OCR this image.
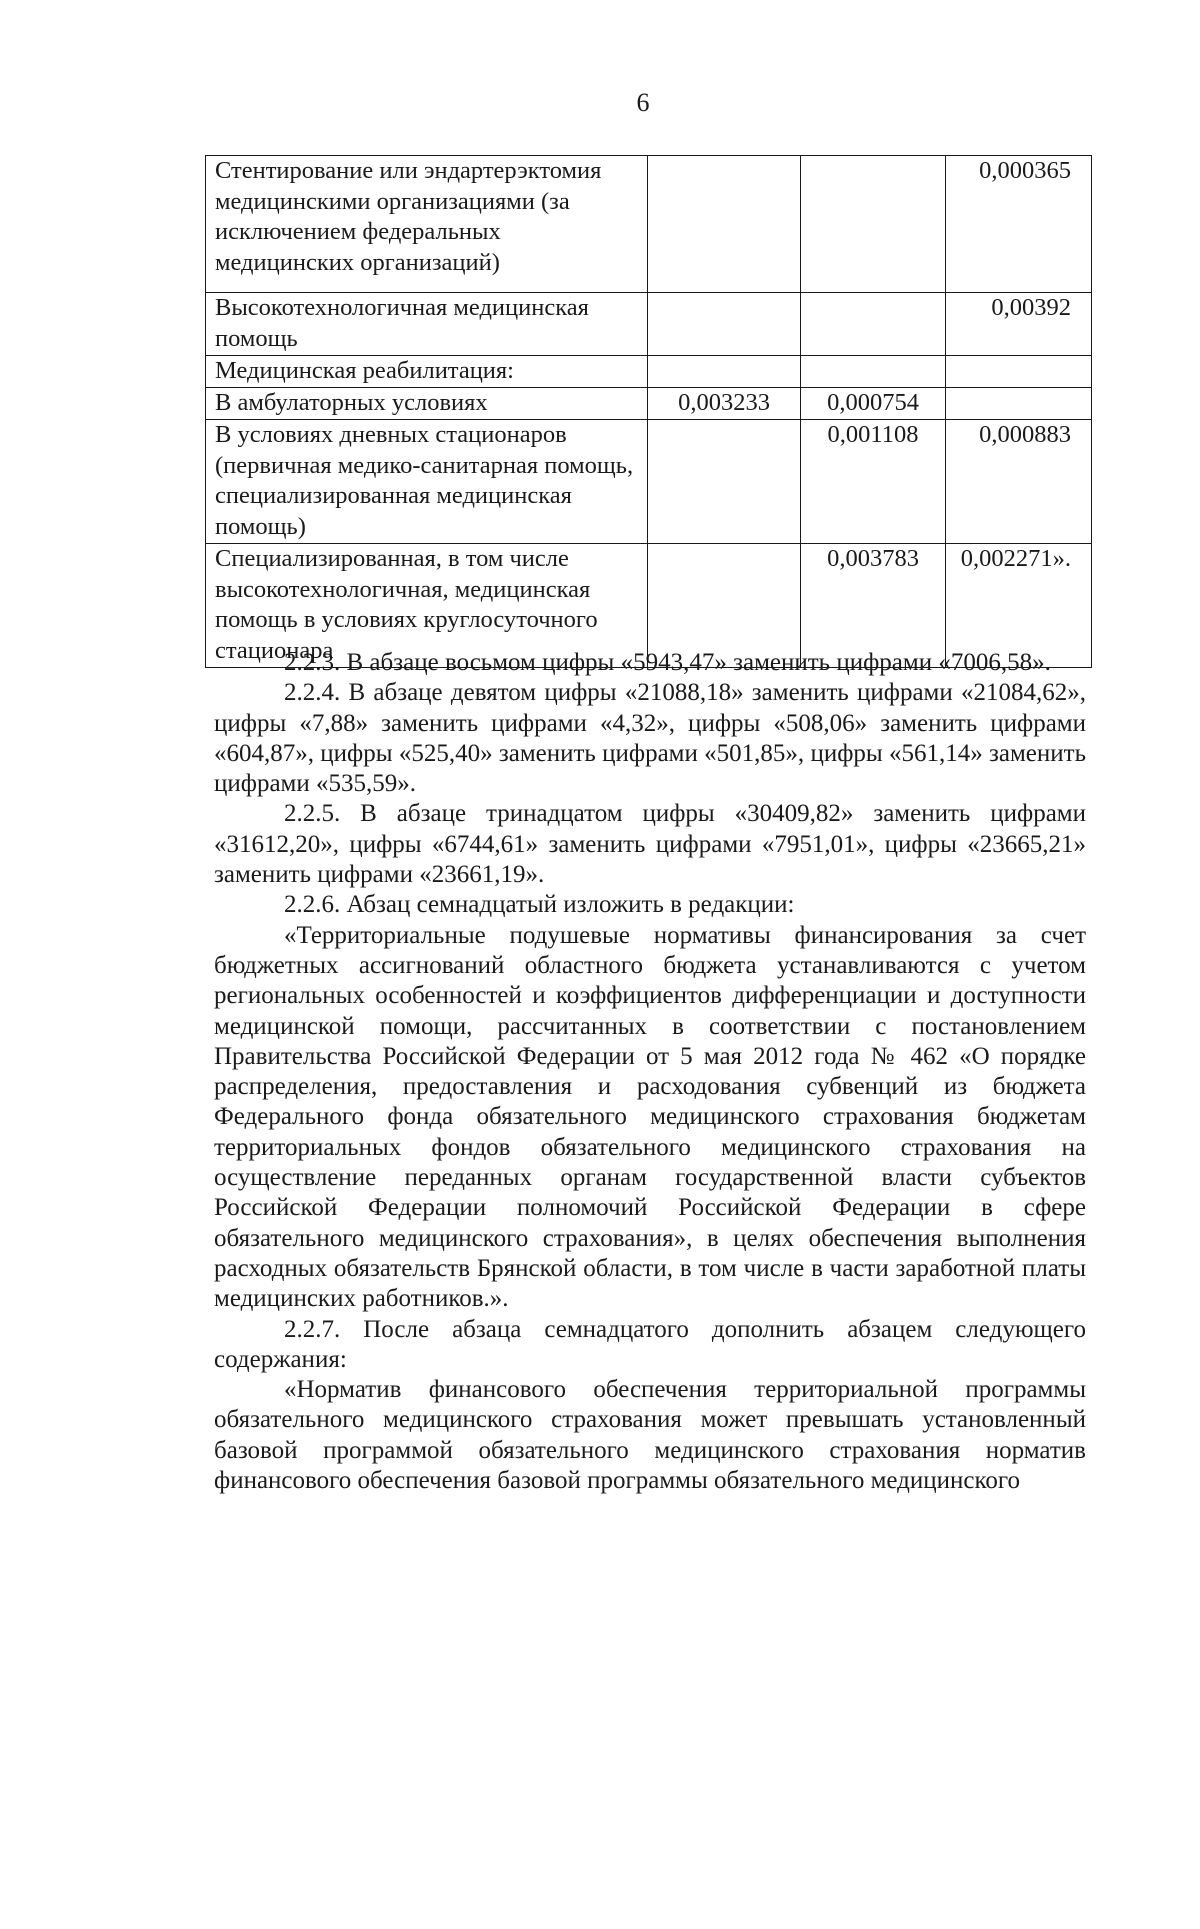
6
Стентирование или эндартерэктомия медицинскими организациями (за исключением федеральных медицинских организаций)			0,000365
Высокотехнологичная медицинская помощь			0,00392
Медицинская реабилитация:			
В амбулаторных условиях	0,003233	0,000754	
В условиях дневных стационаров (первичная медико-санитарная помощь, специализированная медицинская помощь)		0,001108	0,000883
Специализированная, в том числе высокотехнологичная, медицинская помощь в условиях круглосуточного стационара		0,003783	0,002271».

2.2.3. В абзаце восьмом цифры «5943,47» заменить цифрами «7006,58».

2.2.4. В абзаце девятом цифры «21088,18» заменить цифрами «21084,62», цифры «7,88» заменить цифрами «4,32», цифры «508,06» заменить цифрами «604,87», цифры «525,40» заменить цифрами «501,85», цифры «561,14» заменить цифрами «535,59».

2.2.5. В абзаце тринадцатом цифры «30409,82» заменить цифрами «31612,20», цифры «6744,61» заменить цифрами «7951,01», цифры «23665,21» заменить цифрами «23661,19».

2.2.6. Абзац семнадцатый изложить в редакции:

«Территориальные подушевые нормативы финансирования за счет бюджетных ассигнований областного бюджета устанавливаются с учетом региональных особенностей и коэффициентов дифференциации и доступности медицинской помощи, рассчитанных в соответствии с постановлением Правительства Российской Федерации от 5 мая 2012 года № 462 «О порядке распределения, предоставления и расходования субвенций из бюджета Федерального фонда обязательного медицинского страхования бюджетам территориальных фондов обязательного медицинского страхования на осуществление переданных органам государственной власти субъектов Российской Федерации полномочий Российской Федерации в сфере обязательного медицинского страхования», в целях обеспечения выполнения расходных обязательств Брянской области, в том числе в части заработной платы медицинских работников.».

2.2.7. После абзаца семнадцатого дополнить абзацем следующего содержания:

«Норматив финансового обеспечения территориальной программы обязательного медицинского страхования может превышать установленный базовой программой обязательного медицинского страхования норматив финансового обеспечения базовой программы обязательного медицинского
